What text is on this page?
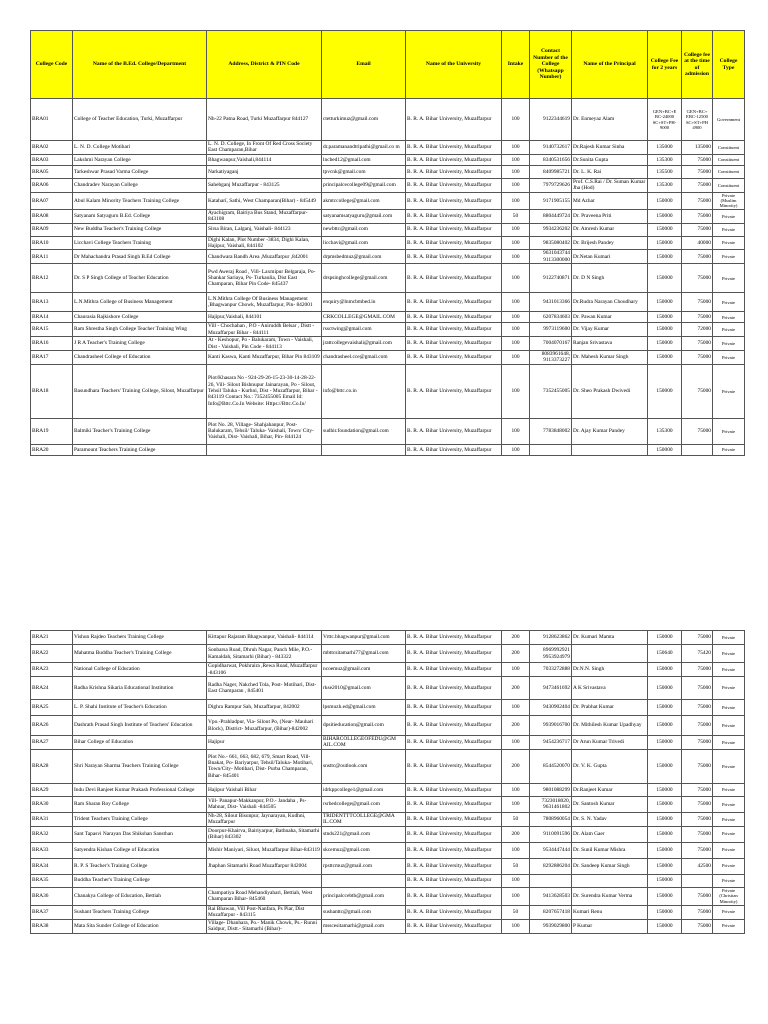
College Code	Name of the B.Ed. College/Department	Address, District & PIN Code	Email	Name of the University	Intake	Contact Number of the College (Whatsapp Number)	Name of the Principal	College Fee for 2 years	College fee at the time of admission	College Type
BRA01	College of Teacher Education, Turki, Muzaffarpur	Nh-22 Patna Road, Turki Muzaffarpur 844127	ctetturkimuz@gmail.com	B. R. A. Bihar University, Muzaffarpur	100	9122344619	Dr. Enmeyaz Alam	GEN+BC+E BC-24000 SC+ST+PH-9000	GEN+BC+ EBC-12500 SC+ST+PH 4900	Government
BRA02	L. N. D. College Motihari	L. N. D. College, In Front Of Red Cross Society East Champaran,Bihar	dr.paramanandtripathi@gmail.co m	B. R. A. Bihar University, Muzaffarpur	100	9140732617	Dr.Rajesh Kumar Sinha	135000	135000	Constituent
BRA03	Lakshmi Narayan College	Bhagwanpur,Vaishali,844114	lncbed12@gmail.com	B. R. A. Bihar University, Muzaffarpur	100	8340531656	Dr.Sunita Gupta	135300	75000	Constituent
BRA05	Tarkeshwar Prasad Varma College	Narkatiyaganj	tpvcnk@gmail.com	B. R. A. Bihar University, Muzaffarpur	100	8409985721	Dr. L. K. Rai	135500	75000	Constituent
BRA06	Chandradev Narayan College	Sahebganj Muzaffarpur - 843125	principalcecollege09@gmail.com	B. R. A. Bihar University, Muzaffarpur	100	7979729626	Prof. C.S.Rai / Dr. Suman Kumar Jha (Hod)	135300	75000	Constituent
BRA07	Abul Kalam Minority Teachers Training College	Kataharī, Sathi, West Champaran(Bihar) - 845449	akmtccollege@gmail.com	B. R. A. Bihar University, Muzaffarpur	100	9171905155	Md Azhar	150000	75000	Private (Muslim Minority)
BRA08	Satyanam Satyaguru B.Ed. College	Ayachigram, Bairiya Bus Stand, Muzaffarpur-843108	satyanamsatyaguru@gmail.com	B. R. A. Bihar University, Muzaffarpur	50	8804449724	Dr. Praveena Priti	150000	75000	Private
BRA09	New Buddha Teacher's Training College	Sirsa Biran, Lalganj, Vaishali- 844123	newbttc@gmail.com	B. R. A. Bihar University, Muzaffarpur	100	9934236202	Dr. Amresh Kumar	150000	75000	Private
BRA10	Licchavi College Teachers Training	Dighi Kalan, Plot Number -3834, Dighi Kalan, Hajipur, Vaishali, 844102	licchavi@gmail.com	B. R. A. Bihar University, Muzaffarpur	100	9835080402	Dr. Brijesh Pandey	150000	40000	Private
BRA11	Dr Mahachandra Prasad Singh B.Ed College	Chandwara Bandh Area ,Muzaffarpur ,842001	drpmsbedmuz@gmail.com	B. R. A. Bihar University, Muzaffarpur	100	9631043744 9113300000	Dr.Netan Kumari	150000	75000	Private
BRA12	Dr. S P Singh College of Teacher Education	Pwd Aweraj Road , Vill- Laxmipur Belgaraja, Po- Shankar Sariaya, Ps- Turkaulia, Dist East Champaran, Bihar Pin Code- 845437	drspsinghcollege@gmail.com	B. R. A. Bihar University, Muzaffarpur	100	9122740871	Dr. D N Singh	150000	75000	Private
BRA13	L.N.Mithra College of Business Management	L.N.Mithra College Of Business Management ,Bhagwanpur Chowk, Muzaffarpur, Pin- 842001	enquiry@lnmcbmbed.in	B. R. A. Bihar University, Muzaffarpur	100	9431013366	Dr.Rudra Narayan Choudhary	150000	75000	Private
BRA14	Chaurasia Rajkishore College	Hajipur,Vaishali, 844101	CRKCOLLEGE@GMAIL.COM	B. R. A. Bihar University, Muzaffarpur	100	6207834603	Dr. Pawan Kumar	150000	75000	Private
BRA15	Ram Shrestha Singh College Teacher Training Wing	Vill - Chochahan , P.O - Aniruddh Belsar , Distt - Muzaffarpur Bihar - 844111	rssctwing@gmail.com	B. R. A. Bihar University, Muzaffarpur	100	9973119600	Dr. Vijay Kumar	150000	72000	Private
BRA16	J R A Teacher's Training College	At - Keshopur, Po - Balukaram, Town - Vaishali, Dist - Vaishali, Pin Code - 844113	jrattcollegevaishali@gmail.com	B. R. A. Bihar University, Muzaffarpur	100	7004070167	Ranjan Srivastava	150000	75000	Private
BRA17	Chandrasheel College of Education	Kanti Kaswa, Kanti Muzaffarpur, Bihar Pin 843109	chandrasheel.cce@gmail.com	B. R. A. Bihar University, Muzaffarpur	100	8083961648, 9113373227	Dr. Mahesh Kumar Singh	150000	75000	Private
BRA18	Basundhara Teachers' Training College, Silout, Muzaffarpur	Plot/Khasara No - 924-29-26-15-23-30-14-28-22-26, Vill- Silout Bishnupur Jainarayan, Po - Silout, Tehsil Taluka - Kurhni, Dist - Muzaffarpur, Bihar - 843119 Contact No.: 7352455005 Email Id: Info@Bttc.Co.In Website: Https://Bttc.Co.In/	info@bttc.co.in	B. R. A. Bihar University, Muzaffarpur	100	7352455005	Dr. Sheo Prakash Dwivedi	150000	75000	Private
BRA19	Balmiki Teacher's Training College	Plot No. 28, Village- Shahjahanpur, Post- Balukaram, Tehsil/ Taluka- Vaishali, Town/ City- Vaishali, Dist- Vaishali, Bihar, Pin- 844124	sudhir.foundation@gmail.com	B. R. A. Bihar University, Muzaffarpur	100	7783848002	Dr. Ajay Kumar Pandey	135300	75000	Private
BRA20	Paramount Teachers Training College			B. R. A. Bihar University, Muzaffarpur	100			150000		Private
BRA21	Vishun Rajdeo Teachers Training College	Kirtapur Rajaram Bhagwanpur, Vaishali- 844114	Vrttc.bhagwanpur@gmail.com	B. R. A. Bihar University, Muzaffarpur	200	9128623862	Dr. Kumari Mamta	150000	75000	Private
BRA22	Mahatma Buddha Teacher's Training College	Sonbarsa Road, Dhruh Nagar, Panch Mile, P.O.-Kamaldah, Sitamarhi (Bihar) - 843322	mbttcsitamarhi77@gmail.com	B. R. A. Bihar University, Muzaffarpur	200	8969992921 9953924979		150640	75420	Private
BRA23	National College of Education	Gopidharwat, Pokhraira ,Rewa Road, Muzaffarpur -843106	ncoemuz@gmail.com	B. R. A. Bihar University, Muzaffarpur	100	7033272888	Dr.N.N. Singh	150000	75000	Private
BRA24	Radha Krishna Sikaria Educational Institution	Radha Nager, Nakched Tola, Post- Motihari, Dist- East Champaran , 845401	rkse2010@gmail.com	B. R. A. Bihar University, Muzaffarpur	200	9473461692	A K Srivastava	150000	75000	Private
BRA25	L. P. Shahi Institute of Teacher's Education	Dighra Rampur Sah, Muzaffarpur, 842002	lpsmuzh.ed@gmail.com	B. R. A. Bihar University, Muzaffarpur	100	9430902404	Dr. Prabhat Kumar	150000	75000	Private
BRA26	Dashrath Prasad Singh Institute of Teachers' Education	Vpo.-Prahladpur, Via- Silout Po, (Near- Mauhari Block), District- Muzaffarpur, (Bihar)-842002	dpsitieducation@gmail.com	B. R. A. Bihar University, Muzaffarpur	200	9939016700	Dr. Mithilesh Kumar Upadhyay	150000	75000	Private
BRA27	Bihar College of Education	Hajipur	BIHARCOLLEGEOFEDU@GM AIL.COM	B. R. A. Bihar University, Muzaffarpur	100	9454236717	Dr Arun Kumar Trivedi	150000	75000	Private
BRA28	Shri Narayan Sharma Teachers Training College	Plot No.- 661, 663, 682, 679, Smart Road, Vill- Bnakat, Po- Bariyarpur, Tehsil/Taluka- Motihari, Town/City- Motihari, Dist- Purba Champaran, Bihar- 845401	snsttc@outlook.com	B. R. A. Bihar University, Muzaffarpur	200	8544520070	Dr. V. K. Gupta	150000	75000	Private
BRA29	Indu Devi Ranjeet Kumar Prakash Professional College	Hajipur Vaishali Bihar	idrkppcollege1@gmail.com	B. R. A. Bihar University, Muzaffarpur	100	9801088299	Dr.Ranjeet Kumar	150000	75000	Private
BRA30	Ram Sharan Roy College	Vill- Panapur-Makkanpur, P.O.- Jandaha , Ps- Mahnar, Dist- Vaishali -844505	rsrbedcollege@gmail.com	B. R. A. Bihar University, Muzaffarpur	100	7323018020, 9631461802	Dr. Santosh Kumar	150000	75000	Private
BRA31	Trident Teachers Training College	Nh-28, Silout Bisunpur, Jaynarayan, Kudhni, Muzaffarpur	TRIDENTTTCOLLEGE@GMA IL.COM	B. R. A. Bihar University, Muzaffarpur	50	7808960054	Dr. S. N. Yadav	150000	75000	Private
BRA32	Sant Tapasvi Narayan Das Shikshan Sansthan	Doorpur-Khairva, Bairiyarpur, Bathnaha, Sitamarhi (Bihar) 843302	stnds221@gmail.com	B. R. A. Bihar University, Muzaffarpur	200	9110091596	Dr. Alam Gaer	150000	75000	Private
BRA33	Satyendra Kishan College of Education	Mishir Maniyari, Siluot, Muzaffarpur Bihar-843119	skcemuz@gmail.com	B. R. A. Bihar University, Muzaffarpur	100	9534447444	Dr. Sunil Kumar Mishra	150000	75000	Private
BRA34	R. P. S Teacher's Training College	Jhaphan Sitamarhi Road Muzaffarpur 842004	rpsttcmuz@gmail.com	B. R. A. Bihar University, Muzaffarpur	50	8292886204	Dr. Sandeep Kumar Singh	150000	42500	Private
BRA35	Buddha Teacher's Training College			B. R. A. Bihar University, Muzaffarpur	100			150000		Private
BRA36	Chanakya College of Education, Bettiah	Champatiya Road Mehandiyahari, Bettiah, West Champaran Bihar- 845460	principalccebtb@gmail.com	B. R. A. Bihar University, Muzaffarpur	100	9413628503	Dr. Surendra Kumar Verma	150000	75000	Private (Christian Minority)
BRA37	Sushant Teachers Training College	Rai Bhawan, Vill Post-Nanfara, Ps Piar, Dist Muzaffarpur - 843115	sushanttc@gmail.com	B. R. A. Bihar University, Muzaffarpur	50	8207657418	Kumari Renu	150000	75000	Private
BRA38	Mata Sita Sunder College of Education	Village- Dhanhara, Po.- Manik Chowk, Ps.- Runni Saidpur, Distt.- Sitamarhi (Bihar)-	msscesitamarhi@gmail.com	B. R. A. Bihar University, Muzaffarpur	100	9939029800	P Kumar	150000	75000	Private
